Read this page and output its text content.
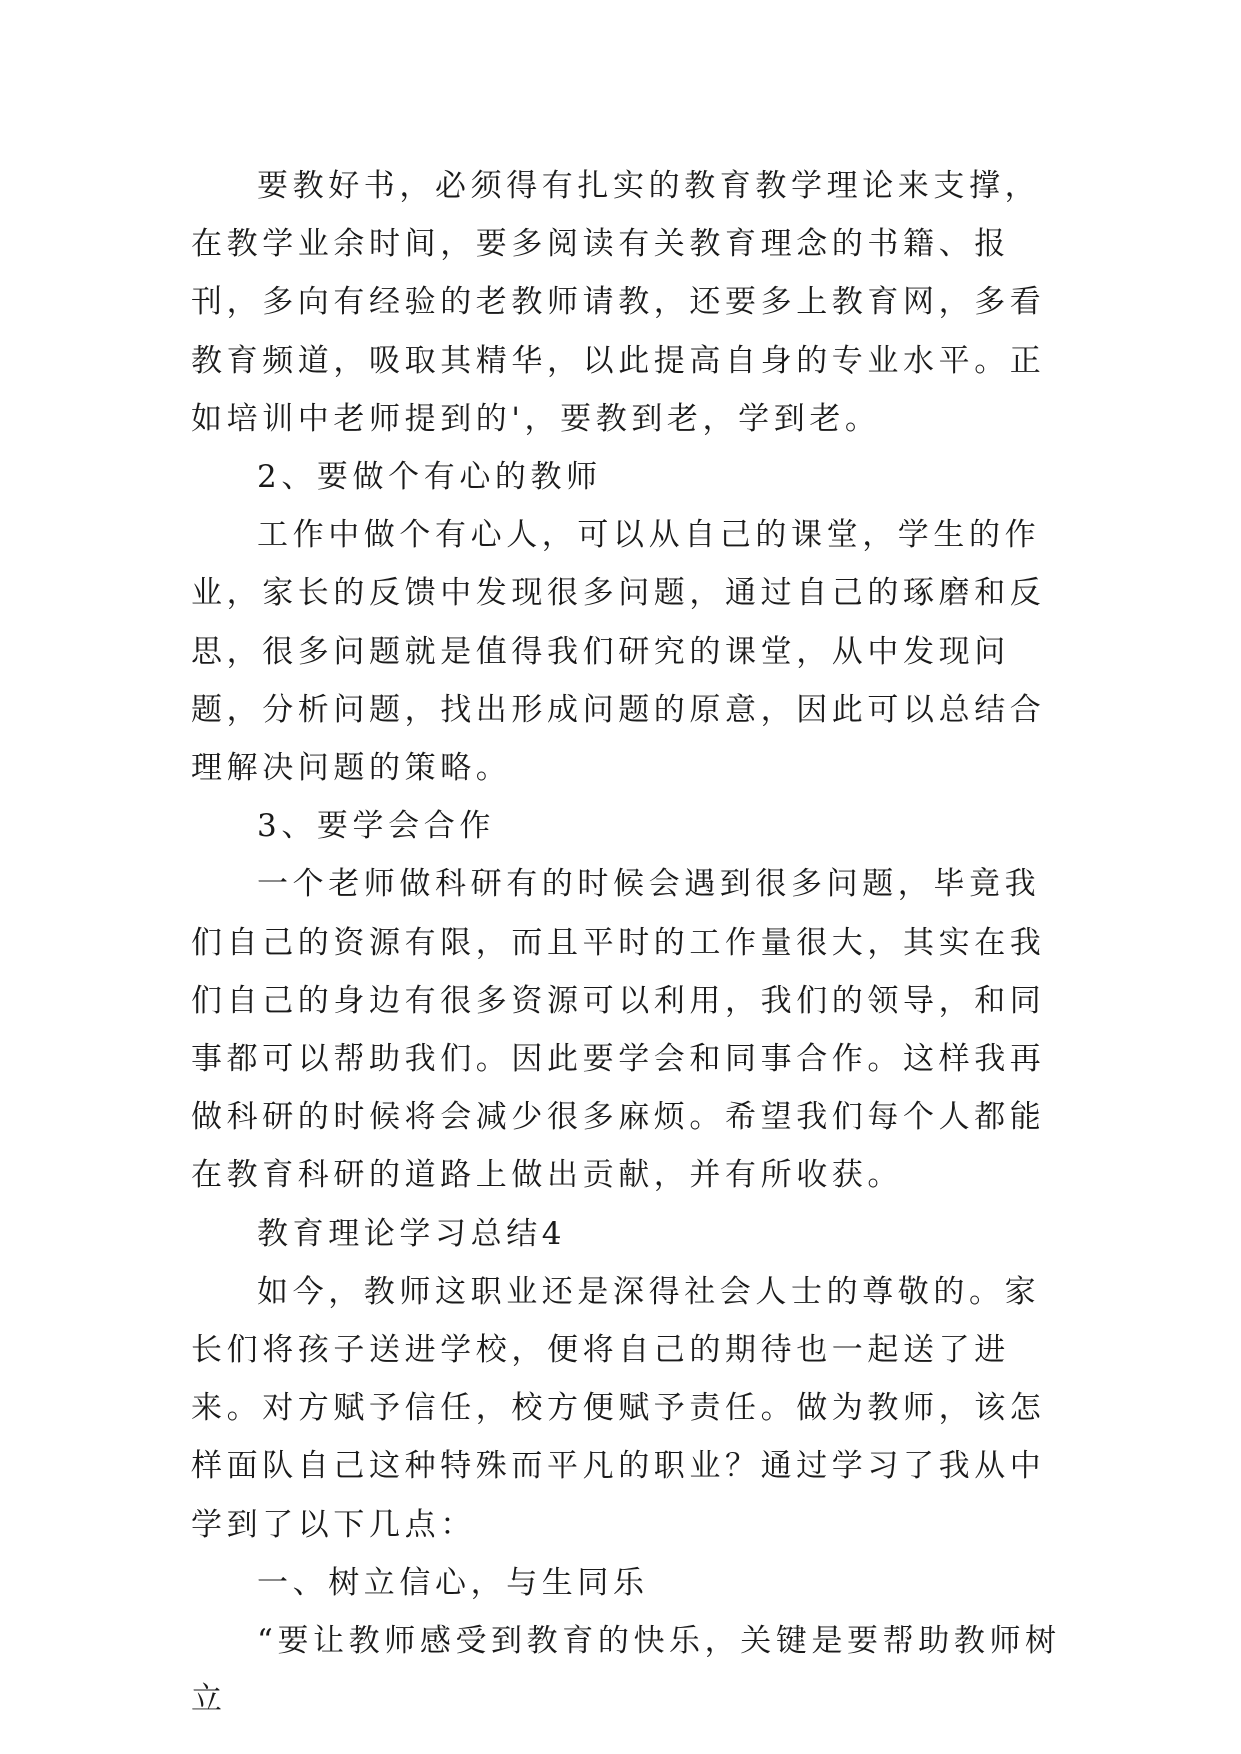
要教好书，必须得有扎实的教育教学理论来支撑，在教学业余时间，要多阅读有关教育理念的书籍、报刊，多向有经验的老教师请教，还要多上教育网，多看教育频道，吸取其精华，以此提高自身的专业水平。正如培训中老师提到的'，要教到老，学到老。

2、要做个有心的教师

工作中做个有心人，可以从自己的课堂，学生的作业，家长的反馈中发现很多问题，通过自己的琢磨和反思，很多问题就是值得我们研究的课堂，从中发现问题，分析问题，找出形成问题的原意，因此可以总结合理解决问题的策略。

3、要学会合作

一个老师做科研有的时候会遇到很多问题，毕竟我们自己的资源有限，而且平时的工作量很大，其实在我们自己的身边有很多资源可以利用，我们的领导，和同事都可以帮助我们。因此要学会和同事合作。这样我再做科研的时候将会减少很多麻烦。希望我们每个人都能在教育科研的道路上做出贡献，并有所收获。

教育理论学习总结4

如今，教师这职业还是深得社会人士的尊敬的。家长们将孩子送进学校，便将自己的期待也一起送了进来。对方赋予信任，校方便赋予责任。做为教师，该怎样面队自己这种特殊而平凡的职业？通过学习了我从中学到了以下几点：

一、树立信心，与生同乐

“要让教师感受到教育的快乐，关键是要帮助教师树立
